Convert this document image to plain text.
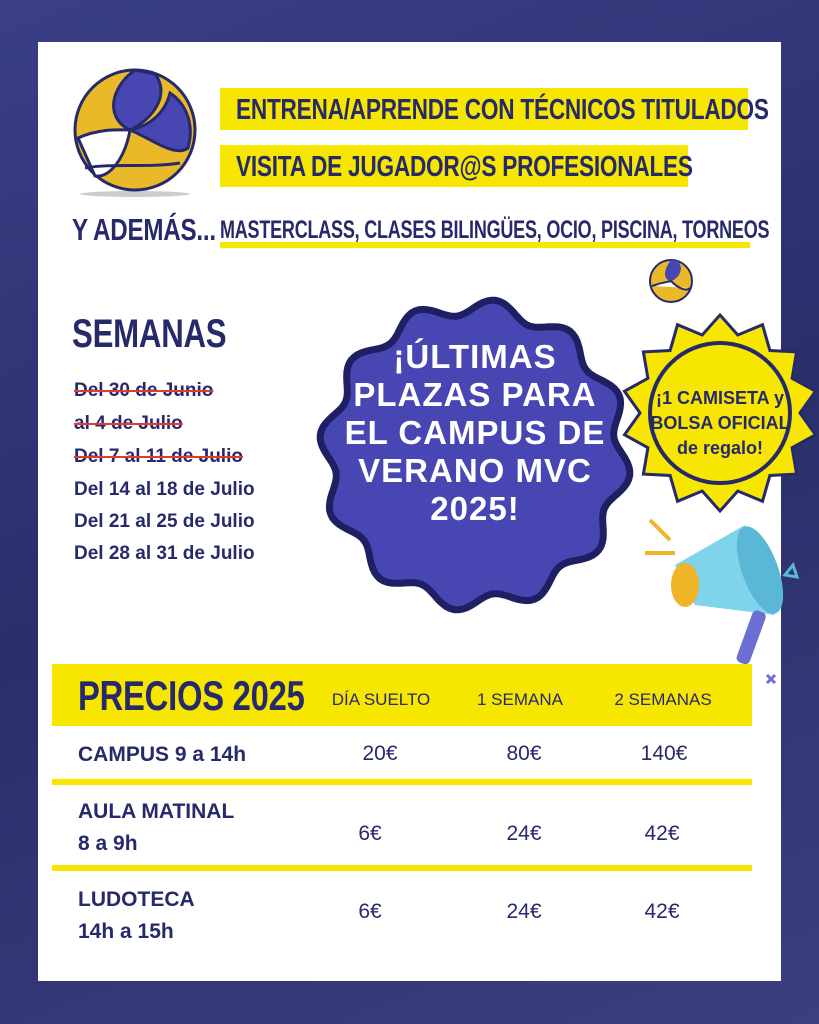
ENTRENA/APRENDE CON TÉCNICOS TITULADOS
VISITA DE JUGADOR@S PROFESIONALES
Y ADEMÁS... MASTERCLASS, CLASES BILINGÜES, OCIO, PISCINA, TORNEOS
SEMANAS
Del 30 de Junio
al 4 de Julio
Del 7 al 11 de Julio
Del 14 al 18 de Julio
Del 21 al 25 de Julio
Del 28 al 31 de Julio
¡ÚLTIMAS
PLAZAS PARA
EL CAMPUS DE
VERANO MVC
2025!
¡1 CAMISETA y
BOLSA OFICIAL
de regalo!
PRECIOS 2025 DÍA SUELTO	1 SEMANA	2 SEMANAS
CAMPUS 9 a 14h	20€	80€	140€
AULA MATINAL
8 a 9h	6€	24€	42€
LUDOTECA
14h a 15h
6€	24€	42€
